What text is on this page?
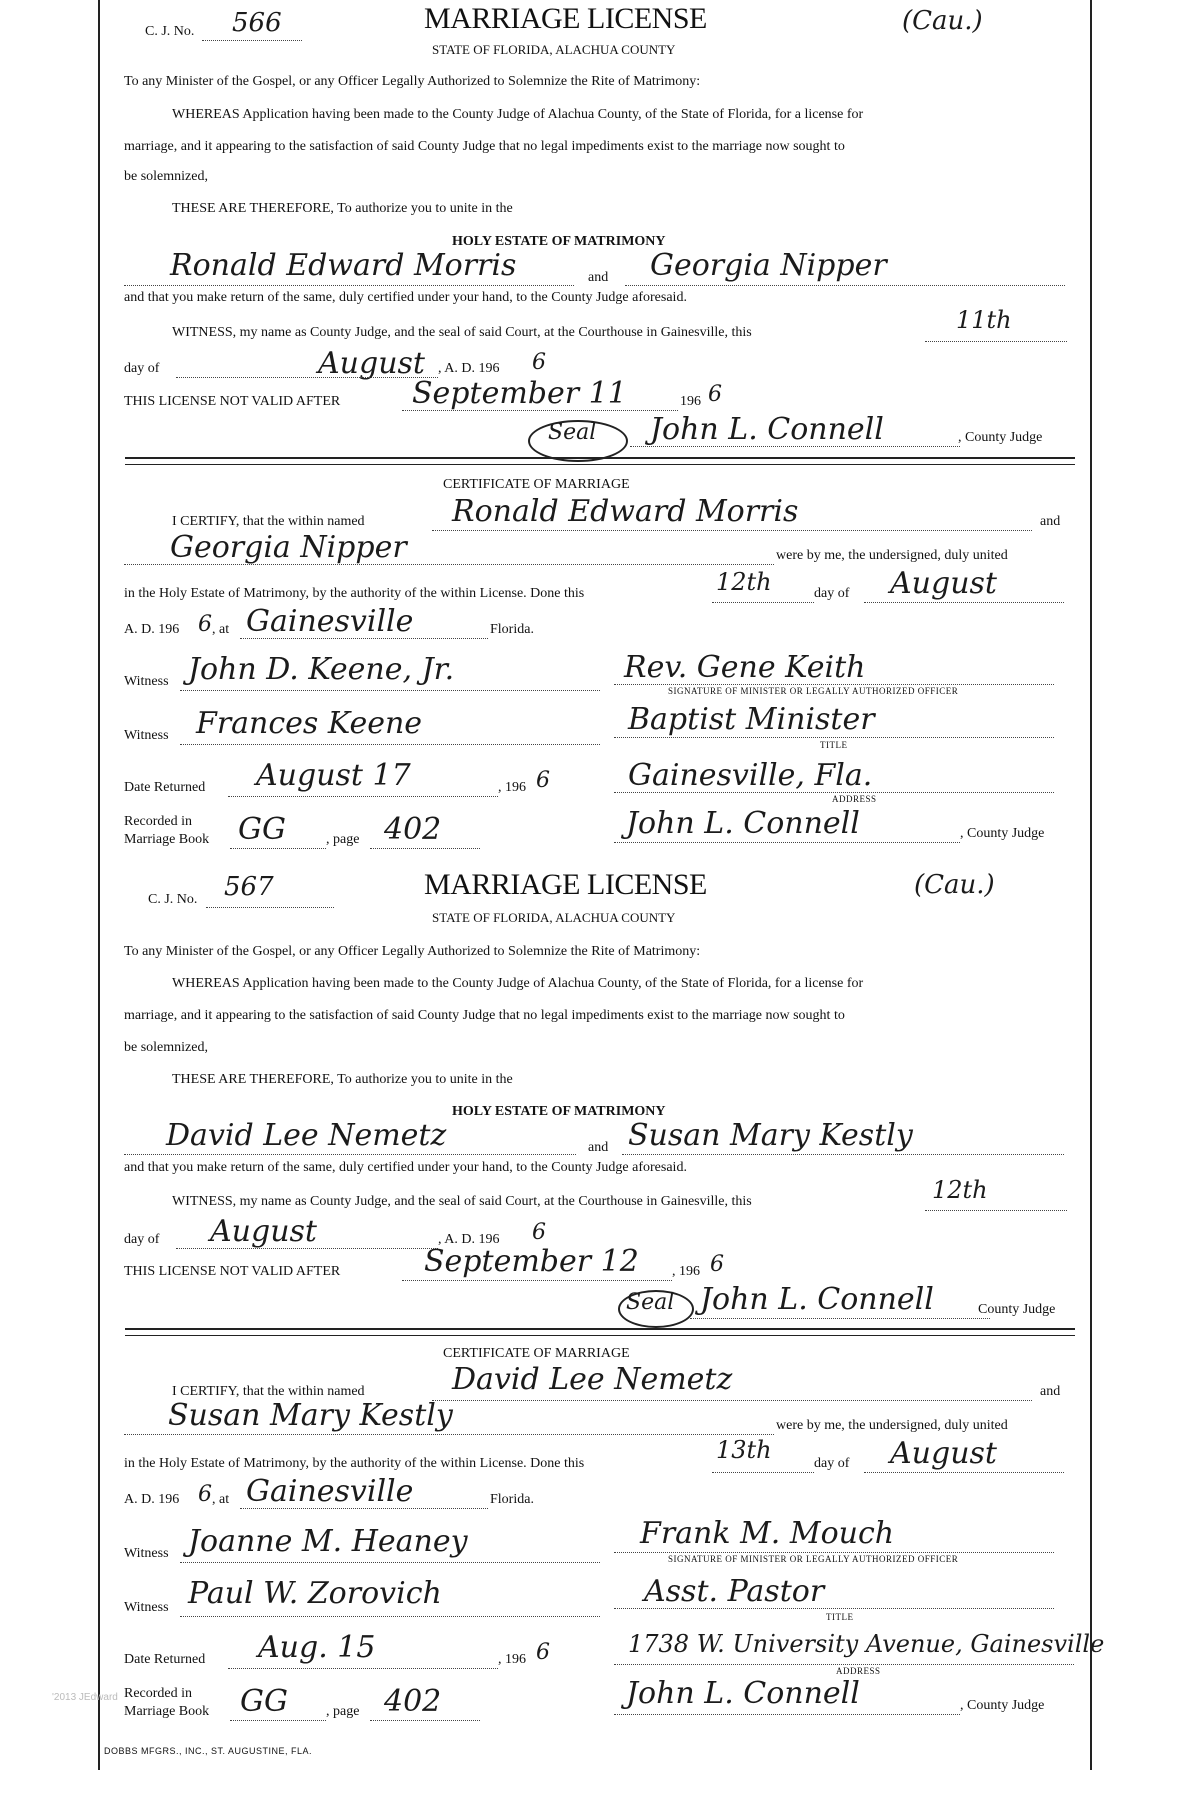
C. J. No. 566	MARRIAGE LICENSE
STATE OF FLORIDA, ALACHUA COUNTY
(Cau.)
To any Minister of the Gospel, or any Officer Legally Authorized to Solemnize the Rite of Matrimony:
WHEREAS Application having been made to the County Judge of Alachua County, of the State of Florida, for a license for
marriage, and it appearing to the satisfaction of said County Judge that no legal impediments exist to the marriage now sought to
be solemnized,
THESE ARE THEREFORE, To authorize you to unite in the
HOLY ESTATE OF MATRIMONY
Ronald Edward Morris	and Georgia Nipper
and that you make return of the same, duly certified under your hand, to the County Judge aforesaid.
WITNESS, my name as County Judge, and the seal of said Court, at the Courthouse in Gainesville, this	11th
day of	August , A. D. 196 6
THIS LICENSE NOT VALID AFTER September 11	196 6
Seal John L. Connell	, County Judge
CERTIFICATE OF MARRIAGE
I CERTIFY, that the within named	Ronald Edward Morris	and
Georgia Nipper	were by me, the undersigned, duly united
in the Holy Estate of Matrimony, by the authority of the within License. Done this	12th	day of August
A. D. 196 6 , at Gainesville	Florida.
Witness John D. Keene, Jr.	Rev. Gene Keith
SIGNATURE OF MINISTER OR LEGALLY AUTHORIZED OFFICER
Witness Frances Keene	Baptist Minister
TITLE
Date Returned August 17	, 196 6	Gainesville, Fla.
ADDRESS
Recorded in
Marriage Book GG	, page 402	John L. Connell	, County Judge
C. J. No. 567	MARRIAGE LICENSE
STATE OF FLORIDA, ALACHUA COUNTY
(Cau.)
To any Minister of the Gospel, or any Officer Legally Authorized to Solemnize the Rite of Matrimony:
WHEREAS Application having been made to the County Judge of Alachua County, of the State of Florida, for a license for
marriage, and it appearing to the satisfaction of said County Judge that no legal impediments exist to the marriage now sought to
be solemnized,
THESE ARE THEREFORE, To authorize you to unite in the
HOLY ESTATE OF MATRIMONY
David Lee Nemetz	and Susan Mary Kestly
and that you make return of the same, duly certified under your hand, to the County Judge aforesaid.
WITNESS, my name as County Judge, and the seal of said Court, at the Courthouse in Gainesville, this	12th
day of August	, A. D. 196 6
THIS LICENSE NOT VALID AFTER	September 12 , 196 6
Seal John L. Connell	County Judge
CERTIFICATE OF MARRIAGE
I CERTIFY, that the within named	David Lee Nemetz	and
Susan Mary Kestly	were by me, the undersigned, duly united
in the Holy Estate of Matrimony, by the authority of the within License. Done this	13th	day of August
A. D. 196 6 , at Gainesville	Florida.
Witness Joanne M. Heaney	Frank M. Mouch
SIGNATURE OF MINISTER OR LEGALLY AUTHORIZED OFFICER
Witness Paul W. Zorovich	Asst. Pastor
TITLE
Date Returned Aug. 15	, 196 6	1738 W. University Avenue, Gainesville
ADDRESS
Recorded in
Marriage Book GG	, page 402	John L. Connell	, County Judge
'2013 JEdward
DOBBS MFGRS., INC., ST. AUGUSTINE, FLA.
